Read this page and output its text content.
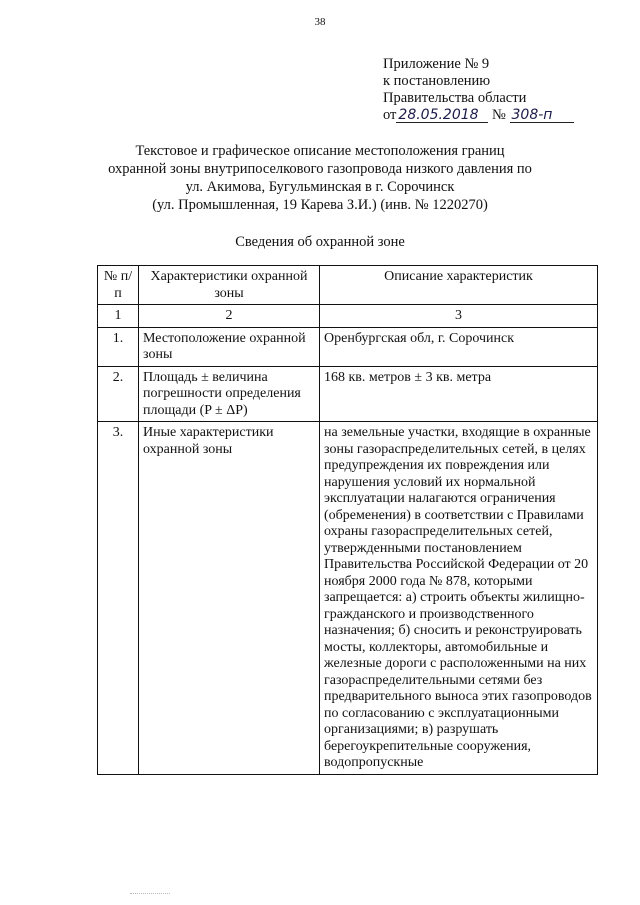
38
Приложение № 9
к постановлению
Правительства области
от 28.05.2018 № 308-п
Текстовое и графическое описание местоположения границ
охранной зоны внутрипоселкового газопровода низкого давления по
ул. Акимова, Бугульминская в г. Сорочинск
(ул. Промышленная, 19 Карева З.И.) (инв. № 1220270)
Сведения об охранной зоне
№ п/п	Характеристики охранной зоны	Описание характеристик
1	2	3
1.	Местоположение охранной зоны	Оренбургская обл, г. Сорочинск
2.	Площадь ± величина погрешности определения площади (P ± ΔP)	168 кв. метров ± 3 кв. метра
3.	Иные характеристики охранной зоны	на земельные участки, входящие в охранные зоны газораспределительных сетей, в целях предупреждения их повреждения или нарушения условий их нормальной эксплуатации налагаются ограничения (обременения) в соответствии с Правилами охраны газораспределительных сетей, утвержденными постановлением Правительства Российской Федерации от 20 ноября 2000 года № 878, которыми запрещается: а) строить объекты жилищно-гражданского и производственного назначения; б) сносить и реконструировать мосты, коллекторы, автомобильные и железные дороги с расположенными на них газораспределительными сетями без предварительного выноса этих газопроводов по согласованию с эксплуатационными организациями; в) разрушать берегоукрепительные сооружения, водопропускные
